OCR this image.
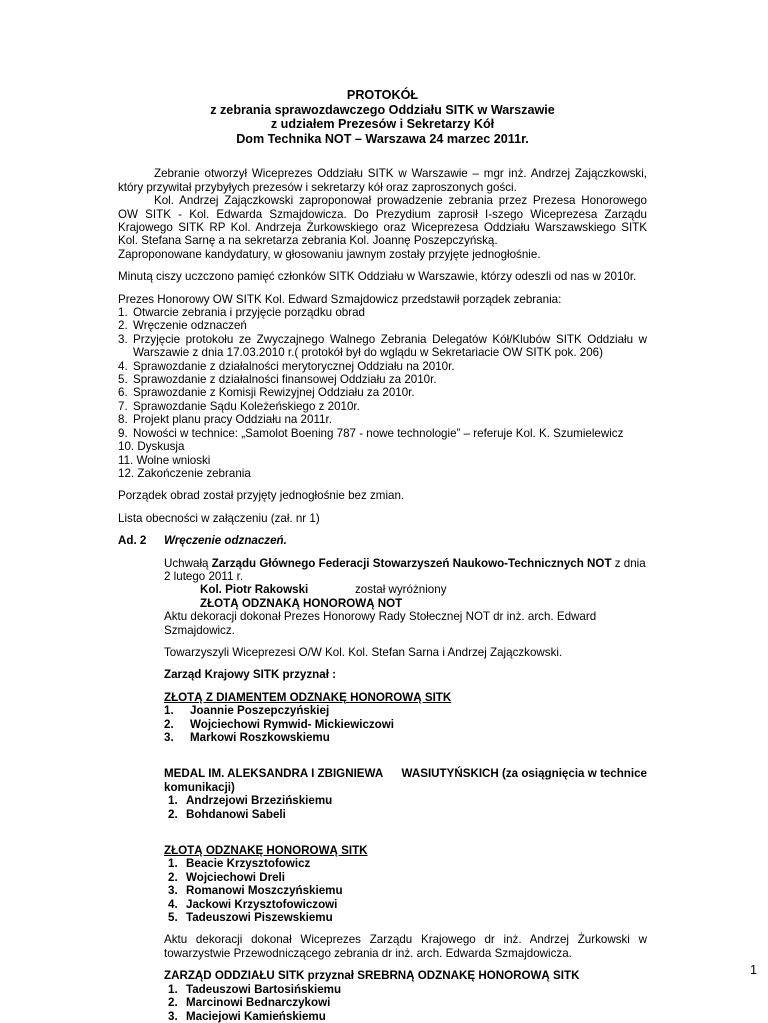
PROTOKÓŁ
z zebrania sprawozdawczego Oddziału SITK w Warszawie
z udziałem Prezesów i Sekretarzy Kół
Dom Technika NOT – Warszawa 24 marzec 2011r.

Zebranie otworzył Wiceprezes Oddziału SITK w Warszawie – mgr inż. Andrzej Zajączkowski, który przywitał przybyłych prezesów i sekretarzy kół oraz zaproszonych gości.

Kol. Andrzej Zajączkowski zaproponował prowadzenie zebrania przez Prezesa Honorowego OW SITK - Kol. Edwarda Szmajdowicza. Do Prezydium zaprosił I-szego Wiceprezesa Zarządu Krajowego SITK RP Kol. Andrzeja Żurkowskiego oraz Wiceprezesa Oddziału Warszawskiego SITK Kol. Stefana Sarnę a na sekretarza zebrania Kol. Joannę Poszepczyńską.

Zaproponowane kandydatury, w głosowaniu jawnym zostały przyjęte jednogłośnie.

Minutą ciszy uczczono pamięć członków SITK Oddziału w Warszawie, którzy odeszli od nas w 2010r.

Prezes Honorowy OW SITK Kol. Edward Szmajdowicz przedstawił porządek zebrania:

1. Otwarcie zebrania i przyjęcie porządku obrad
2. Wręczenie odznaczeń
3. Przyjęcie protokołu ze Zwyczajnego Walnego Zebrania Delegatów Kół/Klubów SITK Oddziału w Warszawie z dnia 17.03.2010 r.( protokół był do wglądu w Sekretariacie OW SITK pok. 206)
4. Sprawozdanie z działalności merytorycznej Oddziału na 2010r.
5. Sprawozdanie z działalności finansowej Oddziału za 2010r.
6. Sprawozdanie z Komisji Rewizyjnej Oddziału za 2010r.
7. Sprawozdanie Sądu Koleżeńskiego z 2010r.
8. Projekt planu pracy Oddziału na 2011r.
9. Nowości w technice: „Samolot Boening 787 - nowe technologie” – referuje Kol. K. Szumielewicz
10. Dyskusja
11. Wolne wnioski
12. Zakończenie zebrania

Porządek obrad został przyjęty jednogłośnie bez zmian.

Lista obecności w załączeniu (zał. nr 1)

Ad. 2	Wręczenie odznaczeń.

Uchwałą Zarządu Głównego Federacji Stowarzyszeń Naukowo-Technicznych NOT z dnia 2 lutego 2011 r.

Kol. Piotr Rakowski	został wyróżniony
ZŁOTĄ ODZNAKĄ HONOROWĄ NOT

Aktu dekoracji dokonał Prezes Honorowy Rady Stołecznej NOT dr inż. arch. Edward Szmajdowicz.

Towarzyszyli Wiceprezesi O/W Kol. Kol. Stefan Sarna i Andrzej Zajączkowski.

Zarząd Krajowy SITK przyznał :

ZŁOTĄ Z DIAMENTEM ODZNAKĘ HONOROWĄ SITK

1. Joannie Poszepczyńskiej
2. Wojciechowi Rymwid- Mickiewiczowi
3. Markowi Roszkowskiemu
MEDAL IM. ALEKSANDRA I ZBIGNIEWA	WASIUTYŃSKICH (za osiągnięcia w technice

komunikacji)

1. Andrzejowi Brzezińskiemu
2. Bohdanowi Sabeli

ZŁOTĄ ODZNAKĘ HONOROWĄ SITK

1. Beacie Krzysztofowicz
2. Wojciechowi Dreli
3. Romanowi Moszczyńskiemu
4. Jackowi Krzysztofowiczowi
5. Tadeuszowi Piszewskiemu

Aktu dekoracji dokonał Wiceprezes Zarządu Krajowego dr inż. Andrzej Żurkowski w towarzystwie Przewodniczącego zebrania dr inż. arch. Edwarda Szmajdowicza.

ZARZĄD ODDZIAŁU SITK przyznał SREBRNĄ ODZNAKĘ HONOROWĄ SITK

1. Tadeuszowi Bartosińskiemu
2. Marcinowi Bednarczykowi
3. Maciejowi Kamieńskiemu
1
